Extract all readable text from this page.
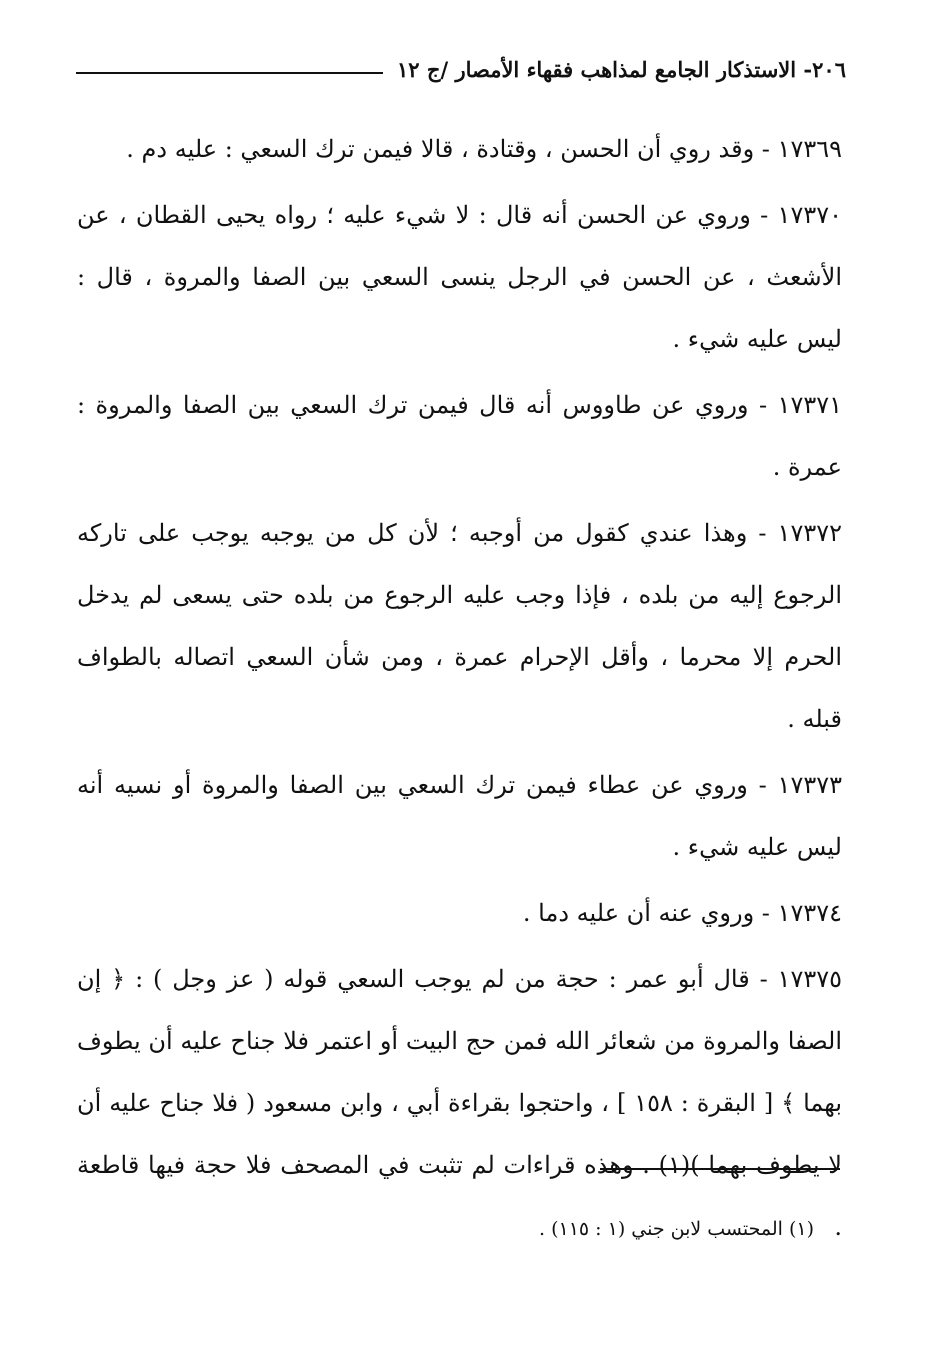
٢٠٦- الاستذكار الجامع لمذاهب فقهاء الأمصار /ج ١٢

١٧٣٦٩ - وقد روي أن الحسن ، وقتادة ، قالا فيمن ترك السعي : عليه دم .

١٧٣٧٠ - وروي عن الحسن أنه قال : لا شيء عليه ؛ رواه يحيى القطان ، عن الأشعث ، عن الحسن في الرجل ينسى السعي بين الصفا والمروة ، قال : ليس عليه شيء .

١٧٣٧١ - وروي عن طاووس أنه قال فيمن ترك السعي بين الصفا والمروة : عمرة .

١٧٣٧٢ - وهذا عندي كقول من أوجبه ؛ لأن كل من يوجبه يوجب على تاركه الرجوع إليه من بلده ، فإذا وجب عليه الرجوع من بلده حتى يسعى لم يدخل الحرم إلا محرما ، وأقل الإحرام عمرة ، ومن شأن السعي اتصاله بالطواف قبله .

١٧٣٧٣ - وروي عن عطاء فيمن ترك السعي بين الصفا والمروة أو نسيه أنه ليس عليه شيء .

١٧٣٧٤ - وروي عنه أن عليه دما .

١٧٣٧٥ - قال أبو عمر : حجة من لم يوجب السعي قوله ( عز وجل ) : ﴿ إن الصفا والمروة من شعائر الله فمن حج البيت أو اعتمر فلا جناح عليه أن يطوف بهما ﴾ [ البقرة : ١٥٨ ] ، واحتجوا بقراءة أبي ، وابن مسعود ( فلا جناح عليه أن لا يطوف بهما )(١) . وهذه قراءات لم تثبت في المصحف فلا حجة فيها قاطعة .

(١) المحتسب لابن جني (١ : ١١٥) .
